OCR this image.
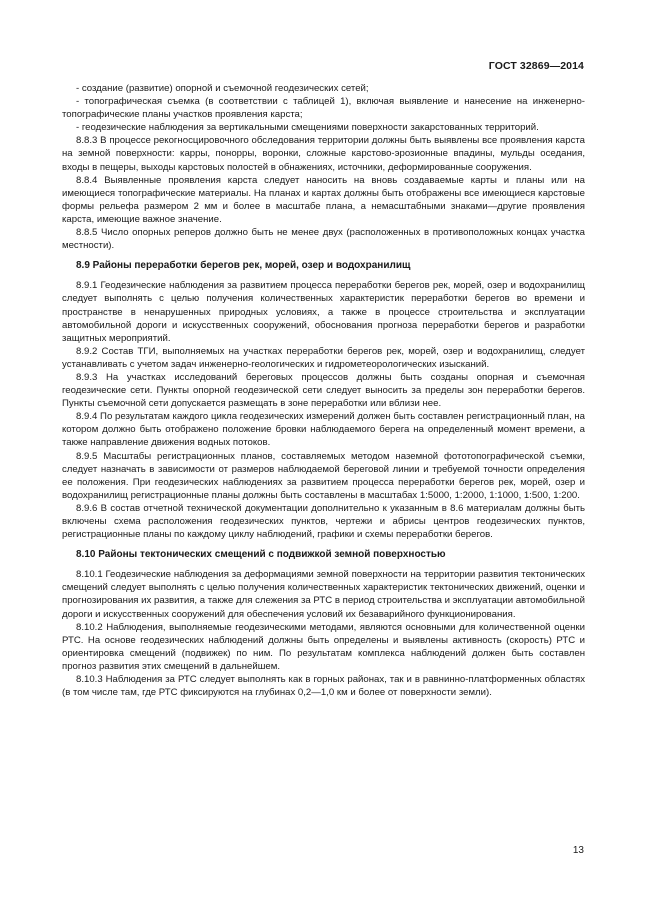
ГОСТ 32869—2014

- создание (развитие) опорной и съемочной геодезических сетей;

- топографическая съемка (в соответствии с таблицей 1), включая выявление и нанесение на инженерно-топографические планы участков проявления карста;

- геодезические наблюдения за вертикальными смещениями поверхности закарстованных территорий.

8.8.3 В процессе рекогносцировочного обследования территории должны быть выявлены все проявления карста на земной поверхности: карры, понорры, воронки, сложные карстово-эрозионные впадины, мульды оседания, входы в пещеры, выходы карстовых полостей в обнажениях, источники, деформированные сооружения.

8.8.4 Выявленные проявления карста следует наносить на вновь создаваемые карты и планы или на имеющиеся топографические материалы. На планах и картах должны быть отображены все имеющиеся карстовые формы рельефа размером 2 мм и более в масштабе плана, а немасштабными знаками—другие проявления карста, имеющие важное значение.

8.8.5 Число опорных реперов должно быть не менее двух (расположенных в противоположных концах участка местности).

8.9 Районы переработки берегов рек, морей, озер и водохранилищ

8.9.1 Геодезические наблюдения за развитием процесса переработки берегов рек, морей, озер и водохранилищ следует выполнять с целью получения количественных характеристик переработки берегов во времени и пространстве в ненарушенных природных условиях, а также в процессе строительства и эксплуатации автомобильной дороги и искусственных сооружений, обоснования прогноза переработки берегов и разработки защитных мероприятий.

8.9.2 Состав ТГИ, выполняемых на участках переработки берегов рек, морей, озер и водохранилищ, следует устанавливать с учетом задач инженерно-геологических и гидрометеорологических изысканий.

8.9.3 На участках исследований береговых процессов должны быть созданы опорная и съемочная геодезические сети. Пункты опорной геодезической сети следует выносить за пределы зон переработки берегов. Пункты съемочной сети допускается размещать в зоне переработки или вблизи нее.

8.9.4 По результатам каждого цикла геодезических измерений должен быть составлен регистрационный план, на котором должно быть отображено положение бровки наблюдаемого берега на определенный момент времени, а также направление движения водных потоков.

8.9.5 Масштабы регистрационных планов, составляемых методом наземной фототопографической съемки, следует назначать в зависимости от размеров наблюдаемой береговой линии и требуемой точности определения ее положения. При геодезических наблюдениях за развитием процесса переработки берегов рек, морей, озер и водохранилищ регистрационные планы должны быть составлены в масштабах 1:5000, 1:2000, 1:1000, 1:500, 1:200.

8.9.6 В состав отчетной технической документации дополнительно к указанным в 8.6 материалам должны быть включены схема расположения геодезических пунктов, чертежи и абрисы центров геодезических пунктов, регистрационные планы по каждому циклу наблюдений, графики и схемы переработки берегов.

8.10 Районы тектонических смещений с подвижкой земной поверхностью

8.10.1 Геодезические наблюдения за деформациями земной поверхности на территории развития тектонических смещений следует выполнять с целью получения количественных характеристик тектонических движений, оценки и прогнозирования их развития, а также для слежения за РТС в период строительства и эксплуатации автомобильной дороги и искусственных сооружений для обеспечения условий их безаварийного функционирования.

8.10.2 Наблюдения, выполняемые геодезическими методами, являются основными для количественной оценки РТС. На основе геодезических наблюдений должны быть определены и выявлены активность (скорость) РТС и ориентировка смещений (подвижек) по ним. По результатам комплекса наблюдений должен быть составлен прогноз развития этих смещений в дальнейшем.

8.10.3 Наблюдения за РТС следует выполнять как в горных районах, так и в равнинно-платформенных областях (в том числе там, где РТС фиксируются на глубинах 0,2—1,0 км и более от поверхности земли).

13
